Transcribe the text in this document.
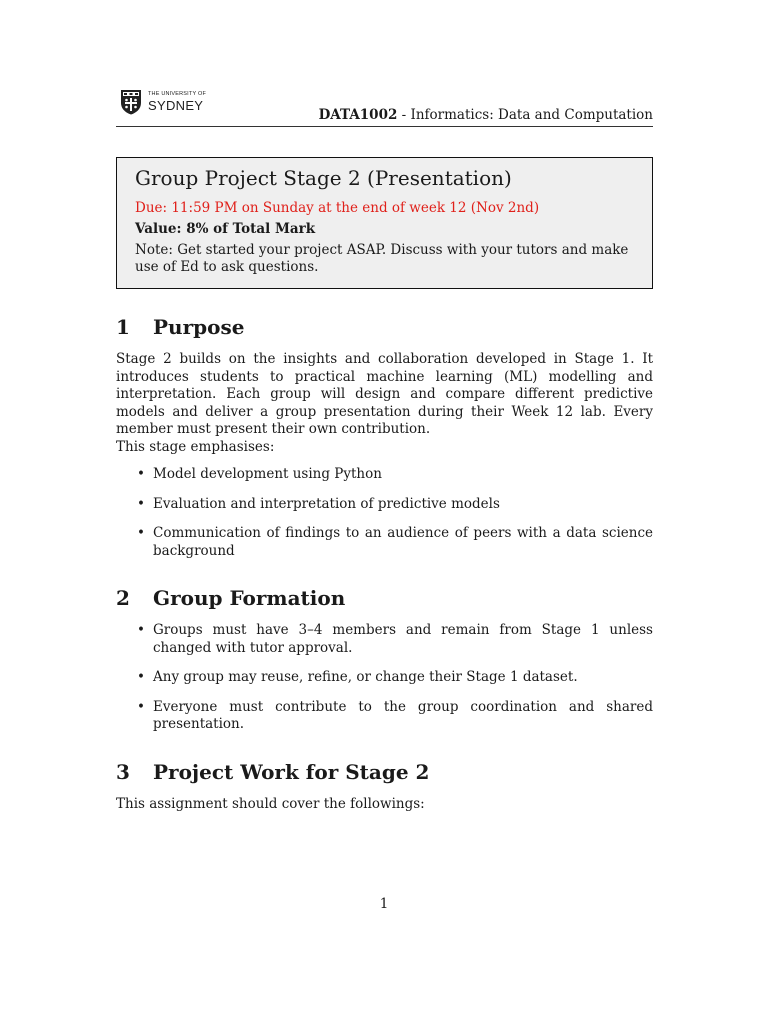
THE UNIVERSITY OF
SYDNEY
DATA1002 - Informatics: Data and Computation
Group Project Stage 2 (Presentation)
Due: 11:59 PM on Sunday at the end of week 12 (Nov 2nd)
Value: 8% of Total Mark
Note: Get started your project ASAP. Discuss with your tutors and make use of Ed to ask questions.
1 Purpose

Stage 2 builds on the insights and collaboration developed in Stage 1. It introduces students to practical machine learning (ML) modelling and interpretation. Each group will design and compare different predictive models and deliver a group presentation during their Week 12 lab. Every member must present their own contribution.

This stage emphasises:

• Model development using Python
• Evaluation and interpretation of predictive models
• Communication of findings to an audience of peers with a data science background
2 Group Formation
• Groups must have 3–4 members and remain from Stage 1 unless changed with tutor approval.
• Any group may reuse, refine, or change their Stage 1 dataset.
• Everyone must contribute to the group coordination and shared presentation.
3 Project Work for Stage 2

This assignment should cover the followings:

1
